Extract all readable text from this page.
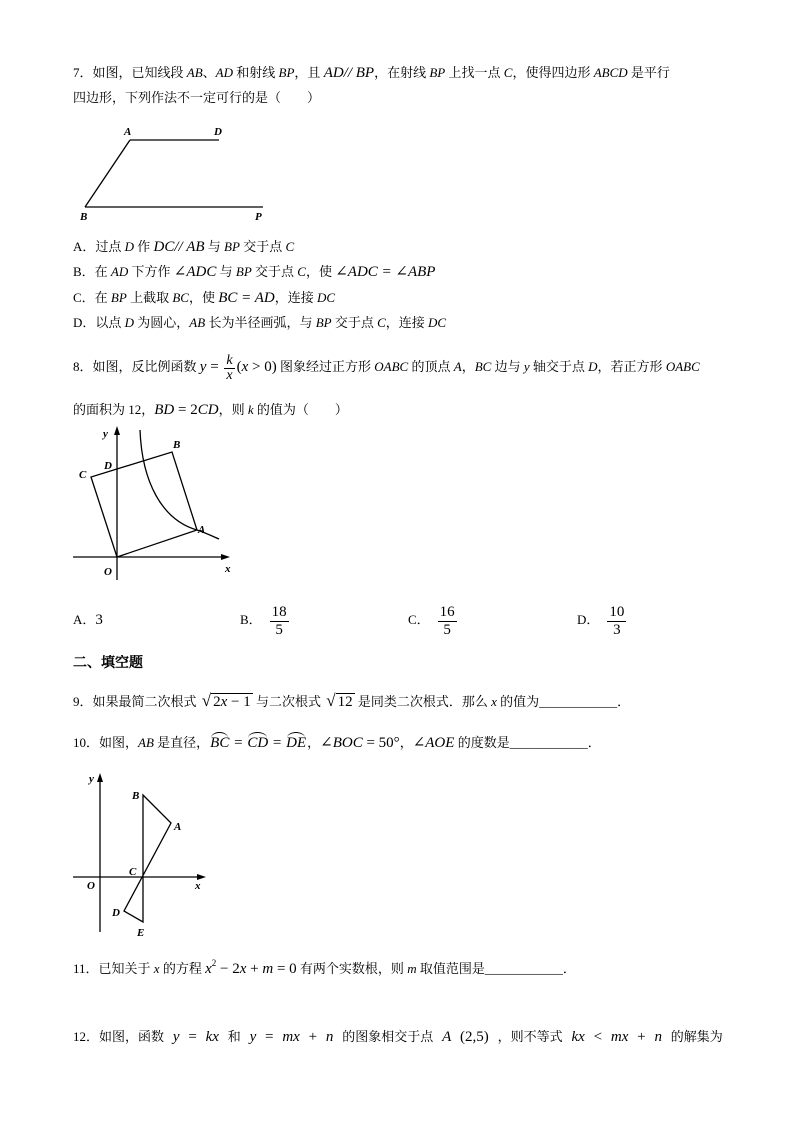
7．如图，已知线段 AB、AD 和射线 BP，且 AD// BP，在射线 BP 上找一点 C，使得四边形 ABCD 是平行
四边形，下列作法不一定可行的是（　　）
A	D
B	P
A．过点 D 作 DC// AB 与 BP 交于点 C
B．在 AD 下方作 ∠ADC 与 BP 交于点 C，使 ∠ADC = ∠ABP
C．在 BP 上截取 BC，使 BC = AD，连接 DC
D．以点 D 为圆心，AB 长为半径画弧，与 BP 交于点 C，连接 DC
8．如图，反比例函数 $y = \frac{k}{x} (x > 0)$ 图象经过正方形 OABC 的顶点 A，BC 边与 y 轴交于点 D，若正方形 OABC
的面积为 12，BD = 2CD，则 k 的值为（　　）
y
x
O
A
B
C
D
A．3	B． $\frac{18}{5}$	C． $\frac{16}{5}$	D． $\frac{10}{3}$
二、填空题
9．如果最简二次根式 √ 2x − 1 与二次根式 √ 12 是同类二次根式．那么 x 的值为____________．
10．如图，AB 是直径，BC = CD = DE，∠BOC = 50°，∠AOE 的度数是____________．
y
x
O
A
B
C
D
E
11．已知关于 x 的方程 $x^2 - 2x + m = 0$ 有两个实数根，则 m 取值范围是____________．
12．如图，函数 y = kx 和 y = mx + n 的图象相交于点 A (2,5) ，则不等式 kx < mx + n 的解集为
